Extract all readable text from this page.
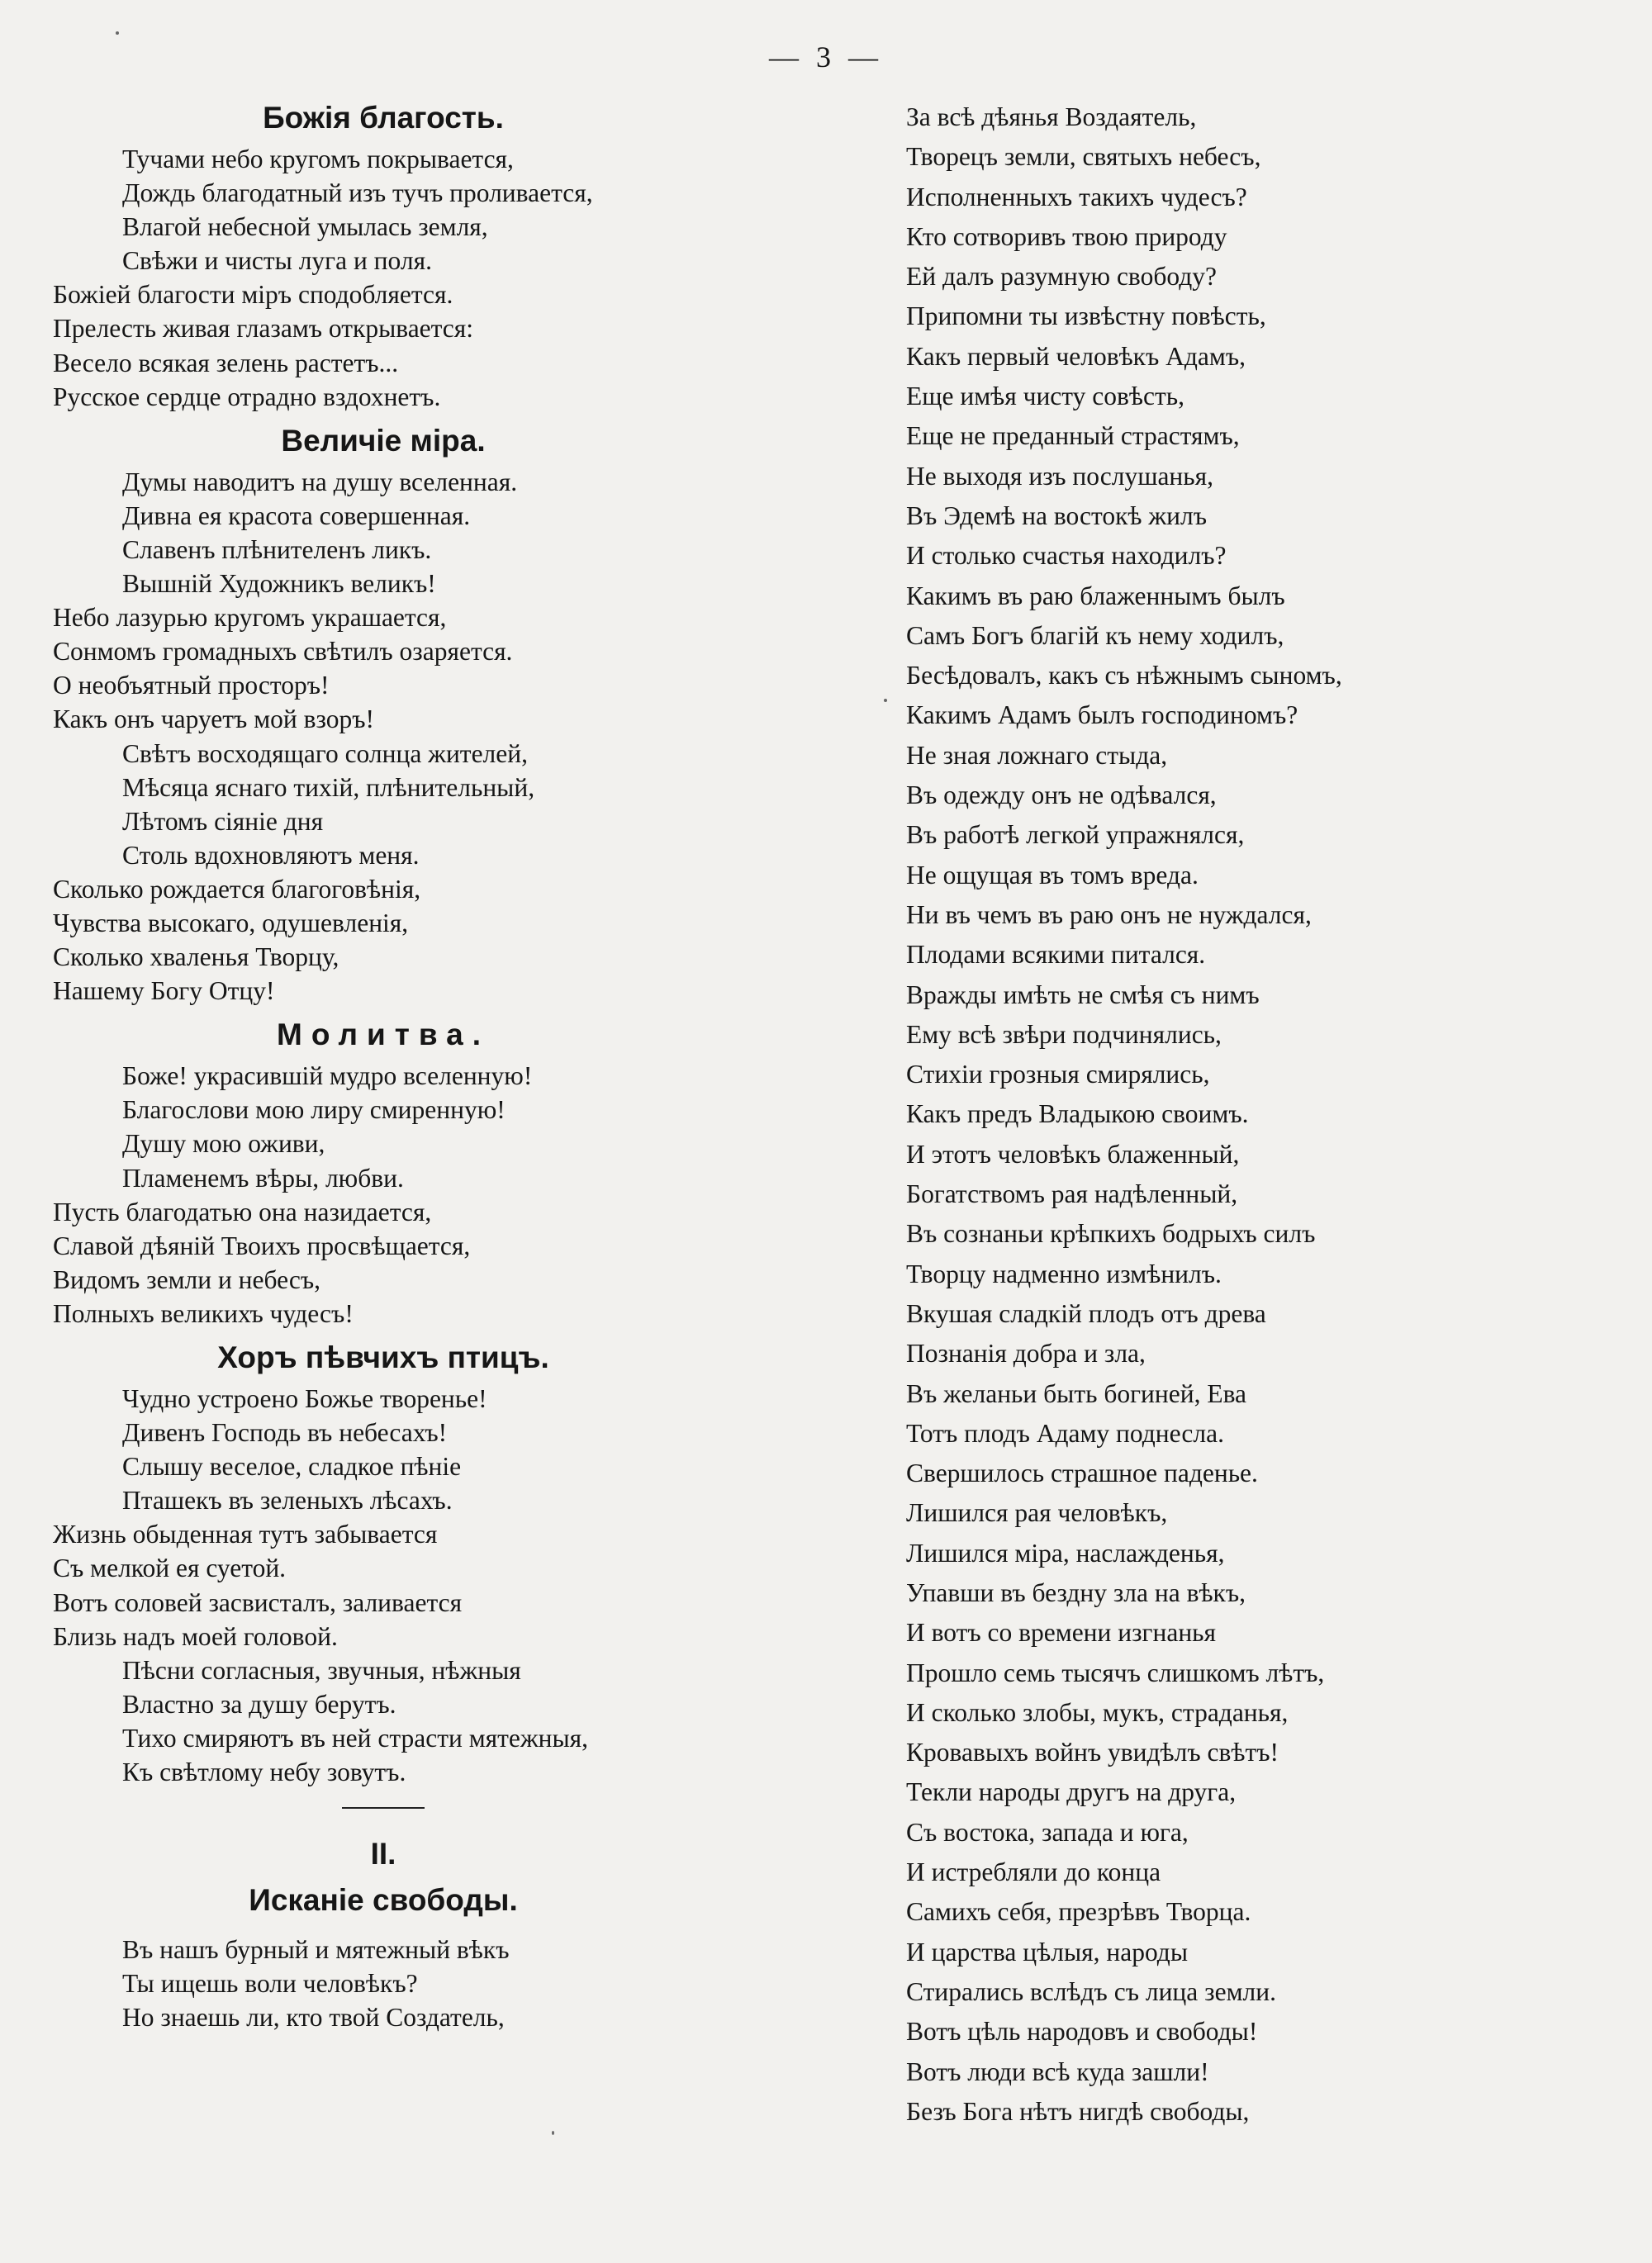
— 3 —
Божія благость.
Тучами небо кругомъ покрывается,
Дождь благодатный изъ тучъ проливается,
Влагой небесной умылась земля,
Свѣжи и чисты луга и поля.
Божіей благости міръ сподобляется.
Прелесть живая глазамъ открывается:
Весело всякая зелень растетъ...
Русское сердце отрадно вздохнетъ.
Величіе міра.
Думы наводитъ на душу вселенная.
Дивна ея красота совершенная.
Славенъ плѣнителенъ ликъ.
Вышній Художникъ великъ!
Небо лазурью кругомъ украшается,
Сонмомъ громадныхъ свѣтилъ озаряется.
О необъятный просторъ!
Какъ онъ чаруетъ мой взоръ!
Свѣтъ восходящаго солнца жителей,
Мѣсяца яснаго тихій, плѣнительный,
Лѣтомъ сіяніе дня
Столь вдохновляютъ меня.
Сколько рождается благоговѣнія,
Чувства высокаго, одушевленія,
Сколько хваленья Творцу,
Нашему Богу Отцу!
Молитва.
Боже! украсившій мудро вселенную!
Благослови мою лиру смиренную!
Душу мою оживи,
Пламенемъ вѣры, любви.
Пусть благодатью она назидается,
Славой дѣяній Твоихъ просвѣщается,
Видомъ земли и небесъ,
Полныхъ великихъ чудесъ!
Хоръ пѣвчихъ птицъ.
Чудно устроено Божье творенье!
Дивенъ Господь въ небесахъ!
Слышу веселое, сладкое пѣніе
Пташекъ въ зеленыхъ лѣсахъ.
Жизнь обыденная тутъ забывается
Съ мелкой ея суетой.
Вотъ соловей засвисталъ, заливается
Близь надъ моей головой.
Пѣсни согласныя, звучныя, нѣжныя
Властно за душу берутъ.
Тихо смиряютъ въ ней страсти мятежныя,
Къ свѣтлому небу зовутъ.
II.
Исканіе свободы.
Въ нашъ бурный и мятежный вѣкъ
Ты ищешь воли человѣкъ?
Но знаешь ли, кто твой Создатель,
За всѣ дѣянья Воздаятель,
Творецъ земли, святыхъ небесъ,
Исполненныхъ такихъ чудесъ?
Кто сотворивъ твою природу
Ей далъ разумную свободу?
Припомни ты извѣстну повѣсть,
Какъ первый человѣкъ Адамъ,
Еще имѣя чисту совѣсть,
Еще не преданный страстямъ,
Не выходя изъ послушанья,
Въ Эдемѣ на востокѣ жилъ
И столько счастья находилъ?
Какимъ въ раю блаженнымъ былъ
Самъ Богъ благій къ нему ходилъ,
Бесѣдовалъ, какъ съ нѣжнымъ сыномъ,
Какимъ Адамъ былъ господиномъ?
Не зная ложнаго стыда,
Въ одежду онъ не одѣвался,
Въ работѣ легкой упражнялся,
Не ощущая въ томъ вреда.
Ни въ чемъ въ раю онъ не нуждался,
Плодами всякими питался.
Вражды имѣть не смѣя съ нимъ
Ему всѣ звѣри подчинялись,
Стихіи грозныя смирялись,
Какъ предъ Владыкою своимъ.
И этотъ человѣкъ блаженный,
Богатствомъ рая надѣленный,
Въ сознаньи крѣпкихъ бодрыхъ силъ
Творцу надменно измѣнилъ.
Вкушая сладкій плодъ отъ древа
Познанія добра и зла,
Въ желаньи быть богиней, Ева
Тотъ плодъ Адаму поднесла.
Свершилось страшное паденье.
Лишился рая человѣкъ,
Лишился міра, наслажденья,
Упавши въ бездну зла на вѣкъ,
И вотъ со времени изгнанья
Прошло семь тысячъ слишкомъ лѣтъ,
И сколько злобы, мукъ, страданья,
Кровавыхъ войнъ увидѣлъ свѣтъ!
Текли народы другъ на друга,
Съ востока, запада и юга,
И истребляли до конца
Самихъ себя, презрѣвъ Творца.
И царства цѣлыя, народы
Стирались вслѣдъ съ лица земли.
Вотъ цѣль народовъ и свободы!
Вотъ люди всѣ куда зашли!
Безъ Бога нѣтъ нигдѣ свободы,
